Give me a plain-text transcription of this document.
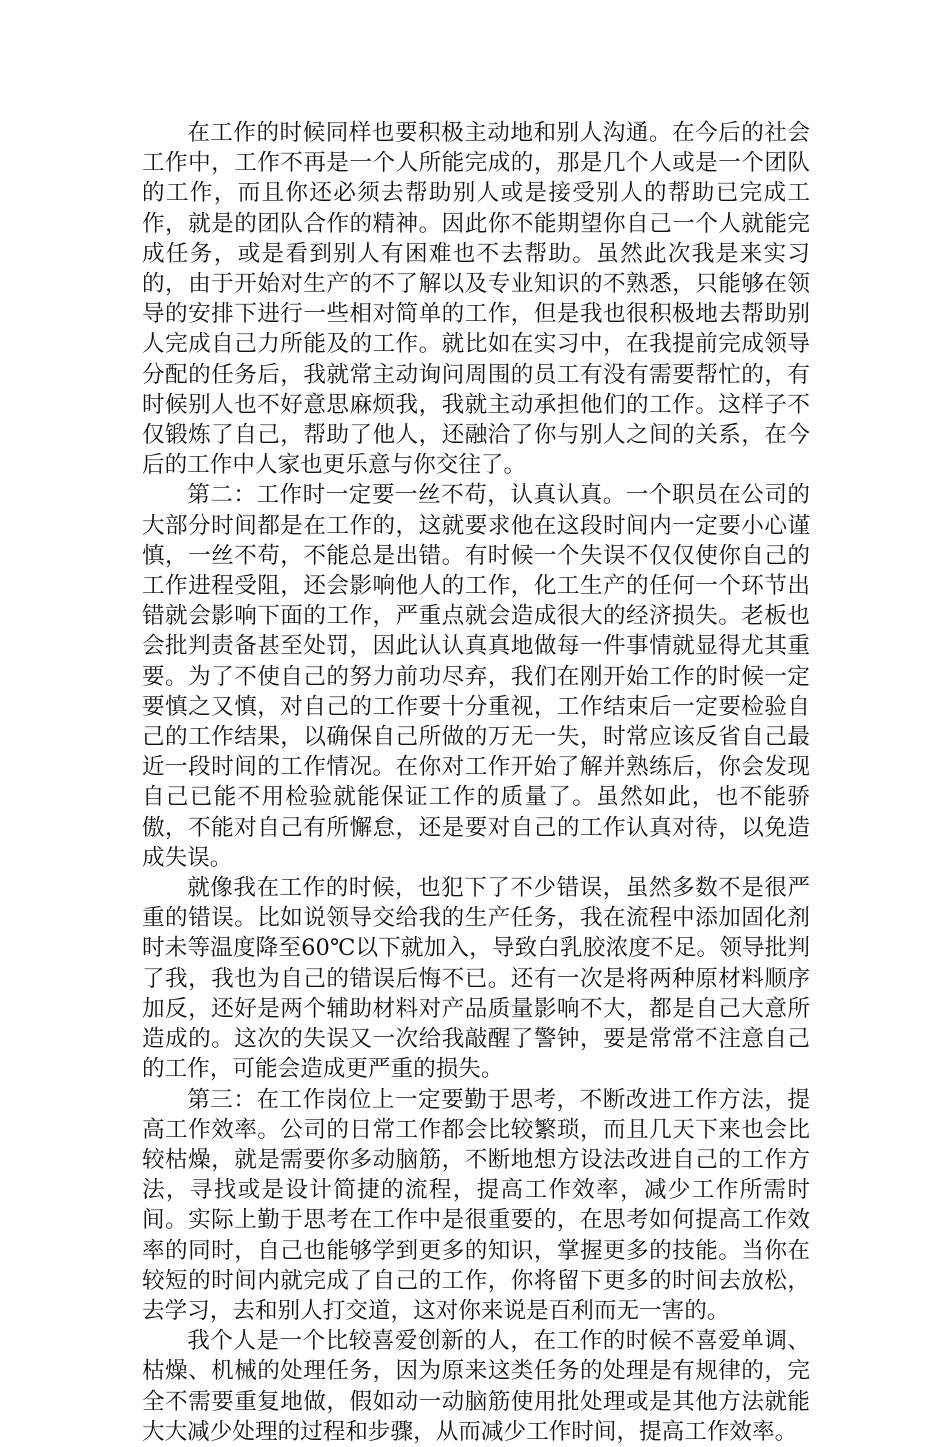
在工作的时候同样也要积极主动地和别人沟通。在今后的社会工作中，工作不再是一个人所能完成的，那是几个人或是一个团队的工作，而且你还必须去帮助别人或是接受别人的帮助已完成工作，就是的团队合作的精神。因此你不能期望你自己一个人就能完成任务，或是看到别人有困难也不去帮助。虽然此次我是来实习的，由于开始对生产的不了解以及专业知识的不熟悉，只能够在领导的安排下进行一些相对简单的工作，但是我也很积极地去帮助别人完成自己力所能及的工作。就比如在实习中，在我提前完成领导分配的任务后，我就常主动询问周围的员工有没有需要帮忙的，有时候别人也不好意思麻烦我，我就主动承担他们的工作。这样子不仅锻炼了自己，帮助了他人，还融洽了你与别人之间的关系，在今后的工作中人家也更乐意与你交往了。

第二：工作时一定要一丝不苟，认真认真。一个职员在公司的大部分时间都是在工作的，这就要求他在这段时间内一定要小心谨慎，一丝不苟，不能总是出错。有时候一个失误不仅仅使你自己的工作进程受阻，还会影响他人的工作，化工生产的任何一个环节出错就会影响下面的工作，严重点就会造成很大的经济损失。老板也会批判责备甚至处罚，因此认认真真地做每一件事情就显得尤其重要。为了不使自己的努力前功尽弃，我们在刚开始工作的时候一定要慎之又慎，对自己的工作要十分重视，工作结束后一定要检验自己的工作结果，以确保自己所做的万无一失，时常应该反省自己最近一段时间的工作情况。在你对工作开始了解并熟练后，你会发现自己已能不用检验就能保证工作的质量了。虽然如此，也不能骄傲，不能对自己有所懈怠，还是要对自己的工作认真对待，以免造成失误。

就像我在工作的时候，也犯下了不少错误，虽然多数不是很严重的错误。比如说领导交给我的生产任务，我在流程中添加固化剂时未等温度降至60℃以下就加入，导致白乳胶浓度不足。领导批判了我，我也为自己的错误后悔不已。还有一次是将两种原材料顺序加反，还好是两个辅助材料对产品质量影响不大，都是自己大意所造成的。这次的失误又一次给我敲醒了警钟，要是常常不注意自己的工作，可能会造成更严重的损失。

第三：在工作岗位上一定要勤于思考，不断改进工作方法，提高工作效率。公司的日常工作都会比较繁琐，而且几天下来也会比较枯燥，就是需要你多动脑筋，不断地想方设法改进自己的工作方法，寻找或是设计简捷的流程，提高工作效率，减少工作所需时间。实际上勤于思考在工作中是很重要的，在思考如何提高工作效率的同时，自己也能够学到更多的知识，掌握更多的技能。当你在较短的时间内就完成了自己的工作，你将留下更多的时间去放松，去学习，去和别人打交道，这对你来说是百利而无一害的。

我个人是一个比较喜爱创新的人，在工作的时候不喜爱单调、枯燥、机械的处理任务，因为原来这类任务的处理是有规律的，完全不需要重复地做，假如动一动脑筋使用批处理或是其他方法就能大大减少处理的过程和步骤，从而减少工作时间，提高工作效率。
